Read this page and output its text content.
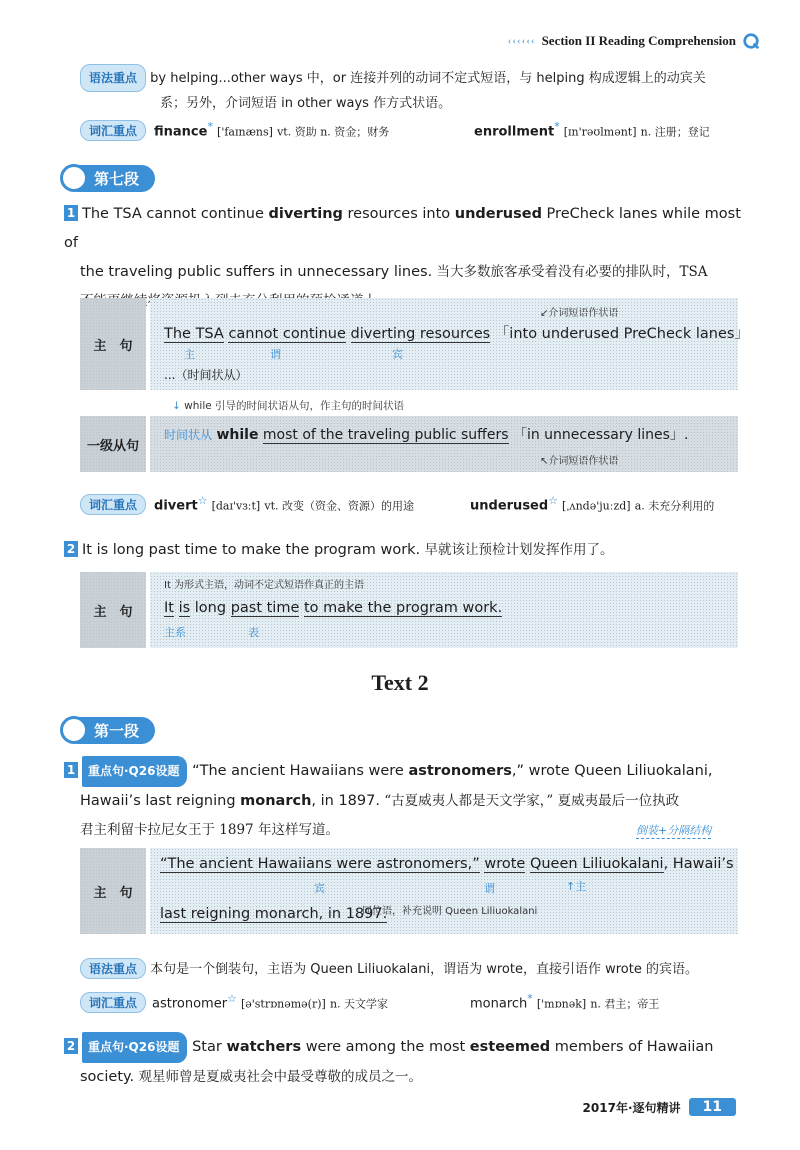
‹‹‹‹‹‹ Section II Reading Comprehension
语法重点 by helping...other ways 中，or 连接并列的动词不定式短语，与 helping 构成逻辑上的动宾关
系；另外，介词短语 in other ways 作方式状语。
词汇重点	finance* ['faɪnæns] vt. 资助 n. 资金；财务	enrollment* [ɪn'rəʊlmənt] n. 注册；登记
第七段
1 The TSA cannot continue diverting resources into underused PreCheck lanes while most of
the traveling public suffers in unnecessary lines. 当大多数旅客承受着没有必要的排队时，TSA

主　句
↙介词短语作状语
The TSA cannot continue diverting resources 「into underused PreCheck lanes」
主	谓	宾
...（时间状从）
↓ while 引导的时间状语从句，作主句的时间状语
一级从句
时间状从 while most of the traveling public suffers 「in unnecessary lines」.
↖介词短语作状语
词汇重点	divert☆ [daɪ'vɜːt] vt. 改变（资金、资源）的用途	underused☆ [ˌʌndə'juːzd] a. 未充分利用的
2 It is long past time to make the program work. 早就该让预检计划发挥作用了。
主　句
It 为形式主语，动词不定式短语作真正的主语
It is long past time to make the program work.
主系	表
Text 2
第一段
1 重点句·Q26设题 “The ancient Hawaiians were astronomers,” wrote Queen Liliuokalani,
Hawaii’s last reigning monarch, in 1897. “古夏威夷人都是天文学家，” 夏威夷最后一位执政
君主利留卡拉尼女王于 1897 年这样写道。	倒装+分隔结构
主　句
“The ancient Hawaiians were astronomers,” wrote Queen Liliuokalani, Hawaii’s
宾	谓	↑主
last reigning monarch, in 1897.
同位语，补充说明 Queen Liliuokalani
语法重点 本句是一个倒装句，主语为 Queen Liliuokalani，谓语为 wrote，直接引语作 wrote 的宾语。
词汇重点	astronomer☆ [ə'strɒnəmə(r)] n. 天文学家	monarch* ['mɒnək] n. 君主；帝王
2 重点句·Q26设题 Star watchers were among the most esteemed members of Hawaiian
society. 观星师曾是夏威夷社会中最受尊敬的成员之一。
2017年·逐句精讲	11
